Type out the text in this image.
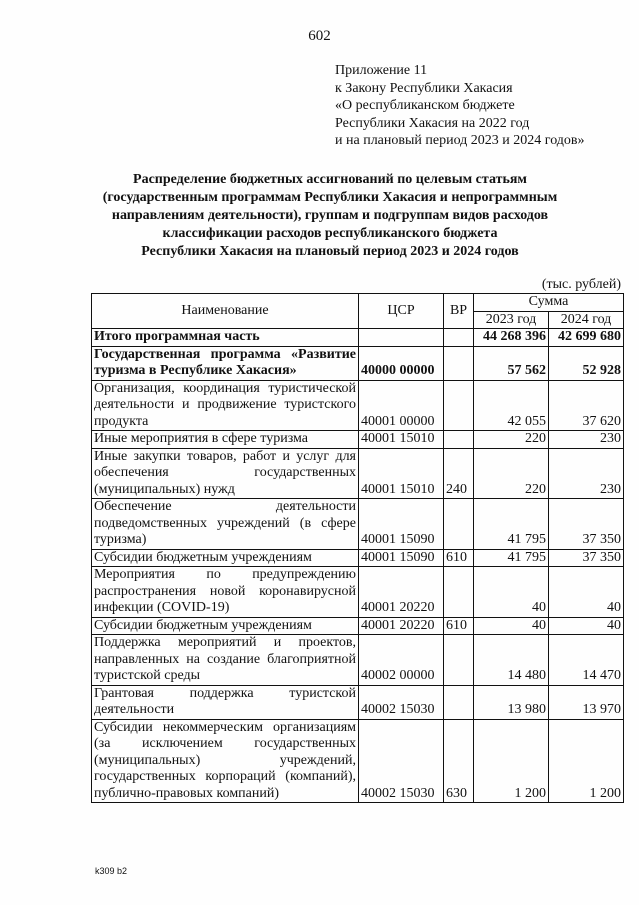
602
Приложение 11
к Закону Республики Хакасия
«О республиканском бюджете
Республики Хакасия на 2022 год
и на плановый период 2023 и 2024 годов»
Распределение бюджетных ассигнований по целевым статьям
(государственным программам Республики Хакасия и непрограммным
направлениям деятельности), группам и подгруппам видов расходов
классификации расходов республиканского бюджета
Республики Хакасия на плановый период 2023 и 2024 годов
(тыс. рублей)
Наименование	ЦСР	ВР	Сумма	
			2023 год	2024 год
Итого программная часть			44 268 396	42 699 680
Государственная программа «Развитие туризма в Республике Хакасия»	40000 00000		57 562	52 928
Организация, координация туристической деятельности и продвижение туристского продукта	40001 00000		42 055	37 620
Иные мероприятия в сфере туризма	40001 15010		220	230
Иные закупки товаров, работ и услуг для обеспечения государственных (муниципальных) нужд	40001 15010	240	220	230
Обеспечение деятельности подведомственных учреждений (в сфере туризма)	40001 15090		41 795	37 350
Субсидии бюджетным учреждениям	40001 15090	610	41 795	37 350
Мероприятия по предупреждению распространения новой коронавирусной инфекции (COVID-19)	40001 20220		40	40
Субсидии бюджетным учреждениям	40001 20220	610	40	40
Поддержка мероприятий и проектов, направленных на создание благоприятной туристской среды	40002 00000		14 480	14 470
Грантовая поддержка туристской деятельности	40002 15030		13 980	13 970
Субсидии некоммерческим организациям (за исключением государственных (муниципальных) учреждений, государственных корпораций (компаний), публично-правовых компаний)	40002 15030	630	1 200	1 200
k309 b2
